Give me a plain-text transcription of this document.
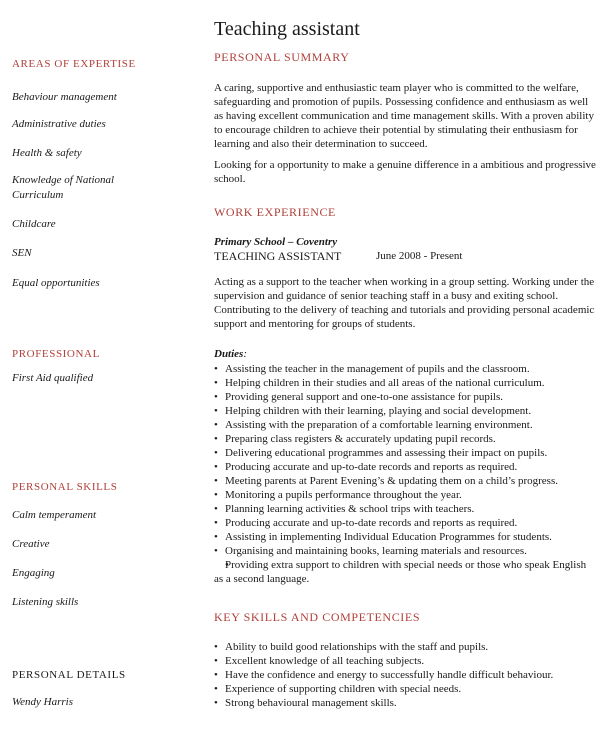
Teaching assistant
AREAS OF EXPERTISE
Behaviour management
Administrative duties
Health & safety
Knowledge of National
Curriculum
Childcare
SEN
Equal opportunities
PROFESSIONAL
First Aid qualified
PERSONAL SKILLS
Calm temperament
Creative
Engaging
Listening skills
PERSONAL DETAILS
Wendy Harris
PERSONAL SUMMARY
A caring, supportive and enthusiastic team player who is committed to the welfare, safeguarding and promotion of pupils. Possessing confidence and enthusiasm as well as having excellent communication and time management skills. With a proven ability to encourage children to achieve their potential by stimulating their enthusiasm for learning and also their determination to succeed.
Looking for a opportunity to make a genuine difference in a ambitious and progressive school.
WORK EXPERIENCE
Primary School – Coventry
TEACHING ASSISTANT	June 2008 - Present
Acting as a support to the teacher when working in a group setting. Working under the supervision and guidance of senior teaching staff in a busy and exiting school. Contributing to the delivery of teaching and tutorials and providing personal academic support and mentoring for groups of students.
Duties:
• Assisting the teacher in the management of pupils and the classroom.
• Helping children in their studies and all areas of the national curriculum.
• Providing general support and one-to-one assistance for pupils.
• Helping children with their learning, playing and social development.
• Assisting with the preparation of a comfortable learning environment.
• Preparing class registers & accurately updating pupil records.
• Delivering educational programmes and assessing their impact on pupils.
• Producing accurate and up-to-date records and reports as required.
• Meeting parents at Parent Evening’s & updating them on a child’s progress.
• Monitoring a pupils performance throughout the year.
• Planning learning activities & school trips with teachers.
• Producing accurate and up-to-date records and reports as required.
• Assisting in implementing Individual Education Programmes for students.
• Organising and maintaining books, learning materials and resources.
• Providing extra support to children with special needs or those who speak English as a second language.
KEY SKILLS AND COMPETENCIES
• Ability to build good relationships with the staff and pupils.
• Excellent knowledge of all teaching subjects.
• Have the confidence and energy to successfully handle difficult behaviour.
• Experience of supporting children with special needs.
• Strong behavioural management skills.
